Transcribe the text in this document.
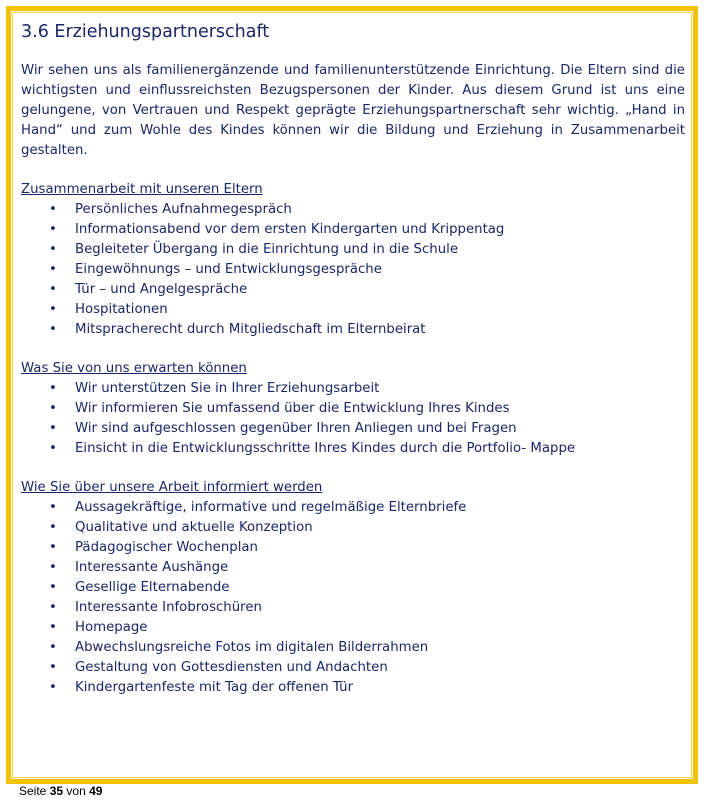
3.6 Erziehungspartnerschaft

Wir sehen uns als familienergänzende und familienunterstützende Einrichtung. Die Eltern sind die wichtigsten und einflussreichsten Bezugspersonen der Kinder. Aus diesem Grund ist uns eine gelungene, von Vertrauen und Respekt geprägte Erziehungspartnerschaft sehr wichtig. „Hand in Hand“ und zum Wohle des Kindes können wir die Bildung und Erziehung in Zusammenarbeit gestalten.

Zusammenarbeit mit unseren Eltern
• Persönliches Aufnahmegespräch
• Informationsabend vor dem ersten Kindergarten und Krippentag
• Begleiteter Übergang in die Einrichtung und in die Schule
• Eingewöhnungs – und Entwicklungsgespräche
• Tür – und Angelgespräche
• Hospitationen
• Mitspracherecht durch Mitgliedschaft im Elternbeirat
Was Sie von uns erwarten können
• Wir unterstützen Sie in Ihrer Erziehungsarbeit
• Wir informieren Sie umfassend über die Entwicklung Ihres Kindes
• Wir sind aufgeschlossen gegenüber Ihren Anliegen und bei Fragen
• Einsicht in die Entwicklungsschritte Ihres Kindes durch die Portfolio- Mappe
Wie Sie über unsere Arbeit informiert werden
• Aussagekräftige, informative und regelmäßige Elternbriefe
• Qualitative und aktuelle Konzeption
• Pädagogischer Wochenplan
• Interessante Aushänge
• Gesellige Elternabende
• Interessante Infobroschüren
• Homepage
• Abwechslungsreiche Fotos im digitalen Bilderrahmen
• Gestaltung von Gottesdiensten und Andachten
• Kindergartenfeste mit Tag der offenen Tür
Seite 35 von 49
